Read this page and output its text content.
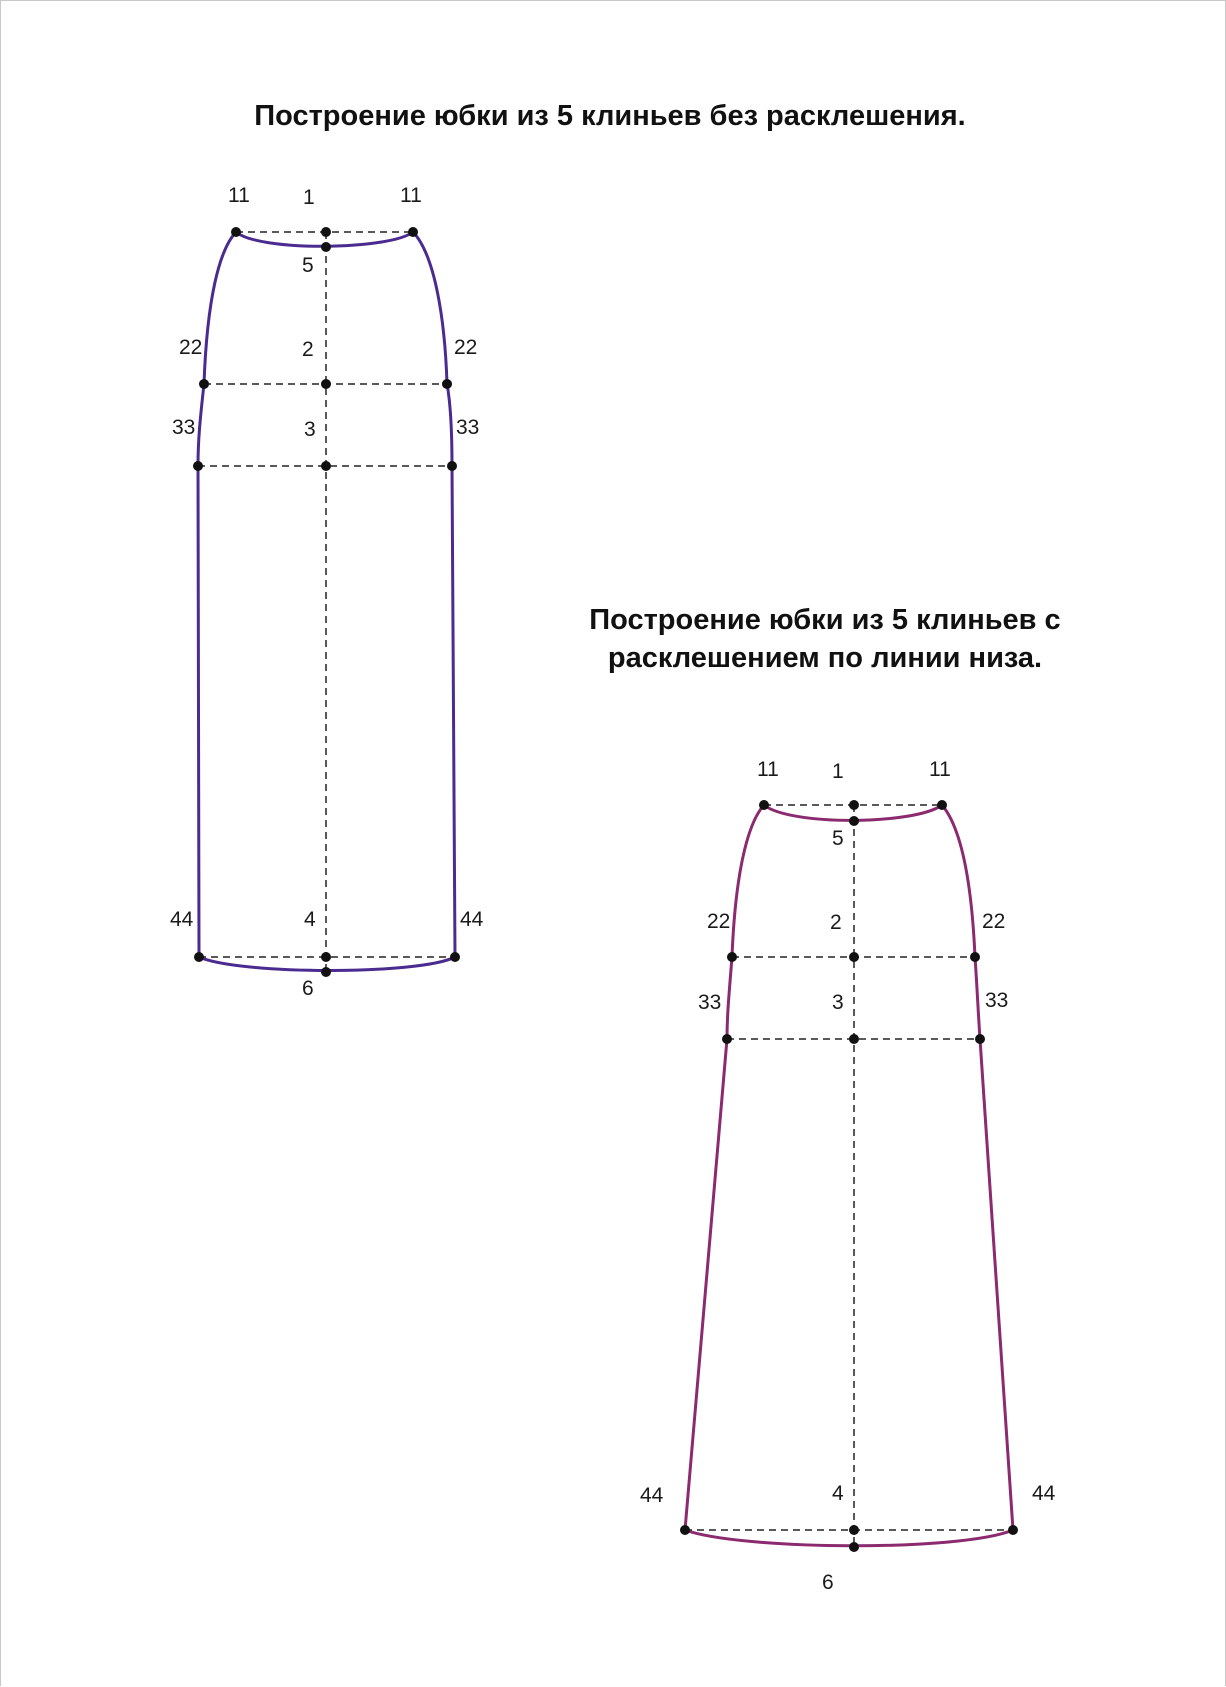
Построение юбки из 5 клиньев без расклешения.
Построение юбки из 5 клиньев с
расклешением по линии низа.
11	1	11
5
22	2	22
33	3	33
44	4	44
6
11	1	11
5
22	2	22
33	3	33
44	4	44
6
